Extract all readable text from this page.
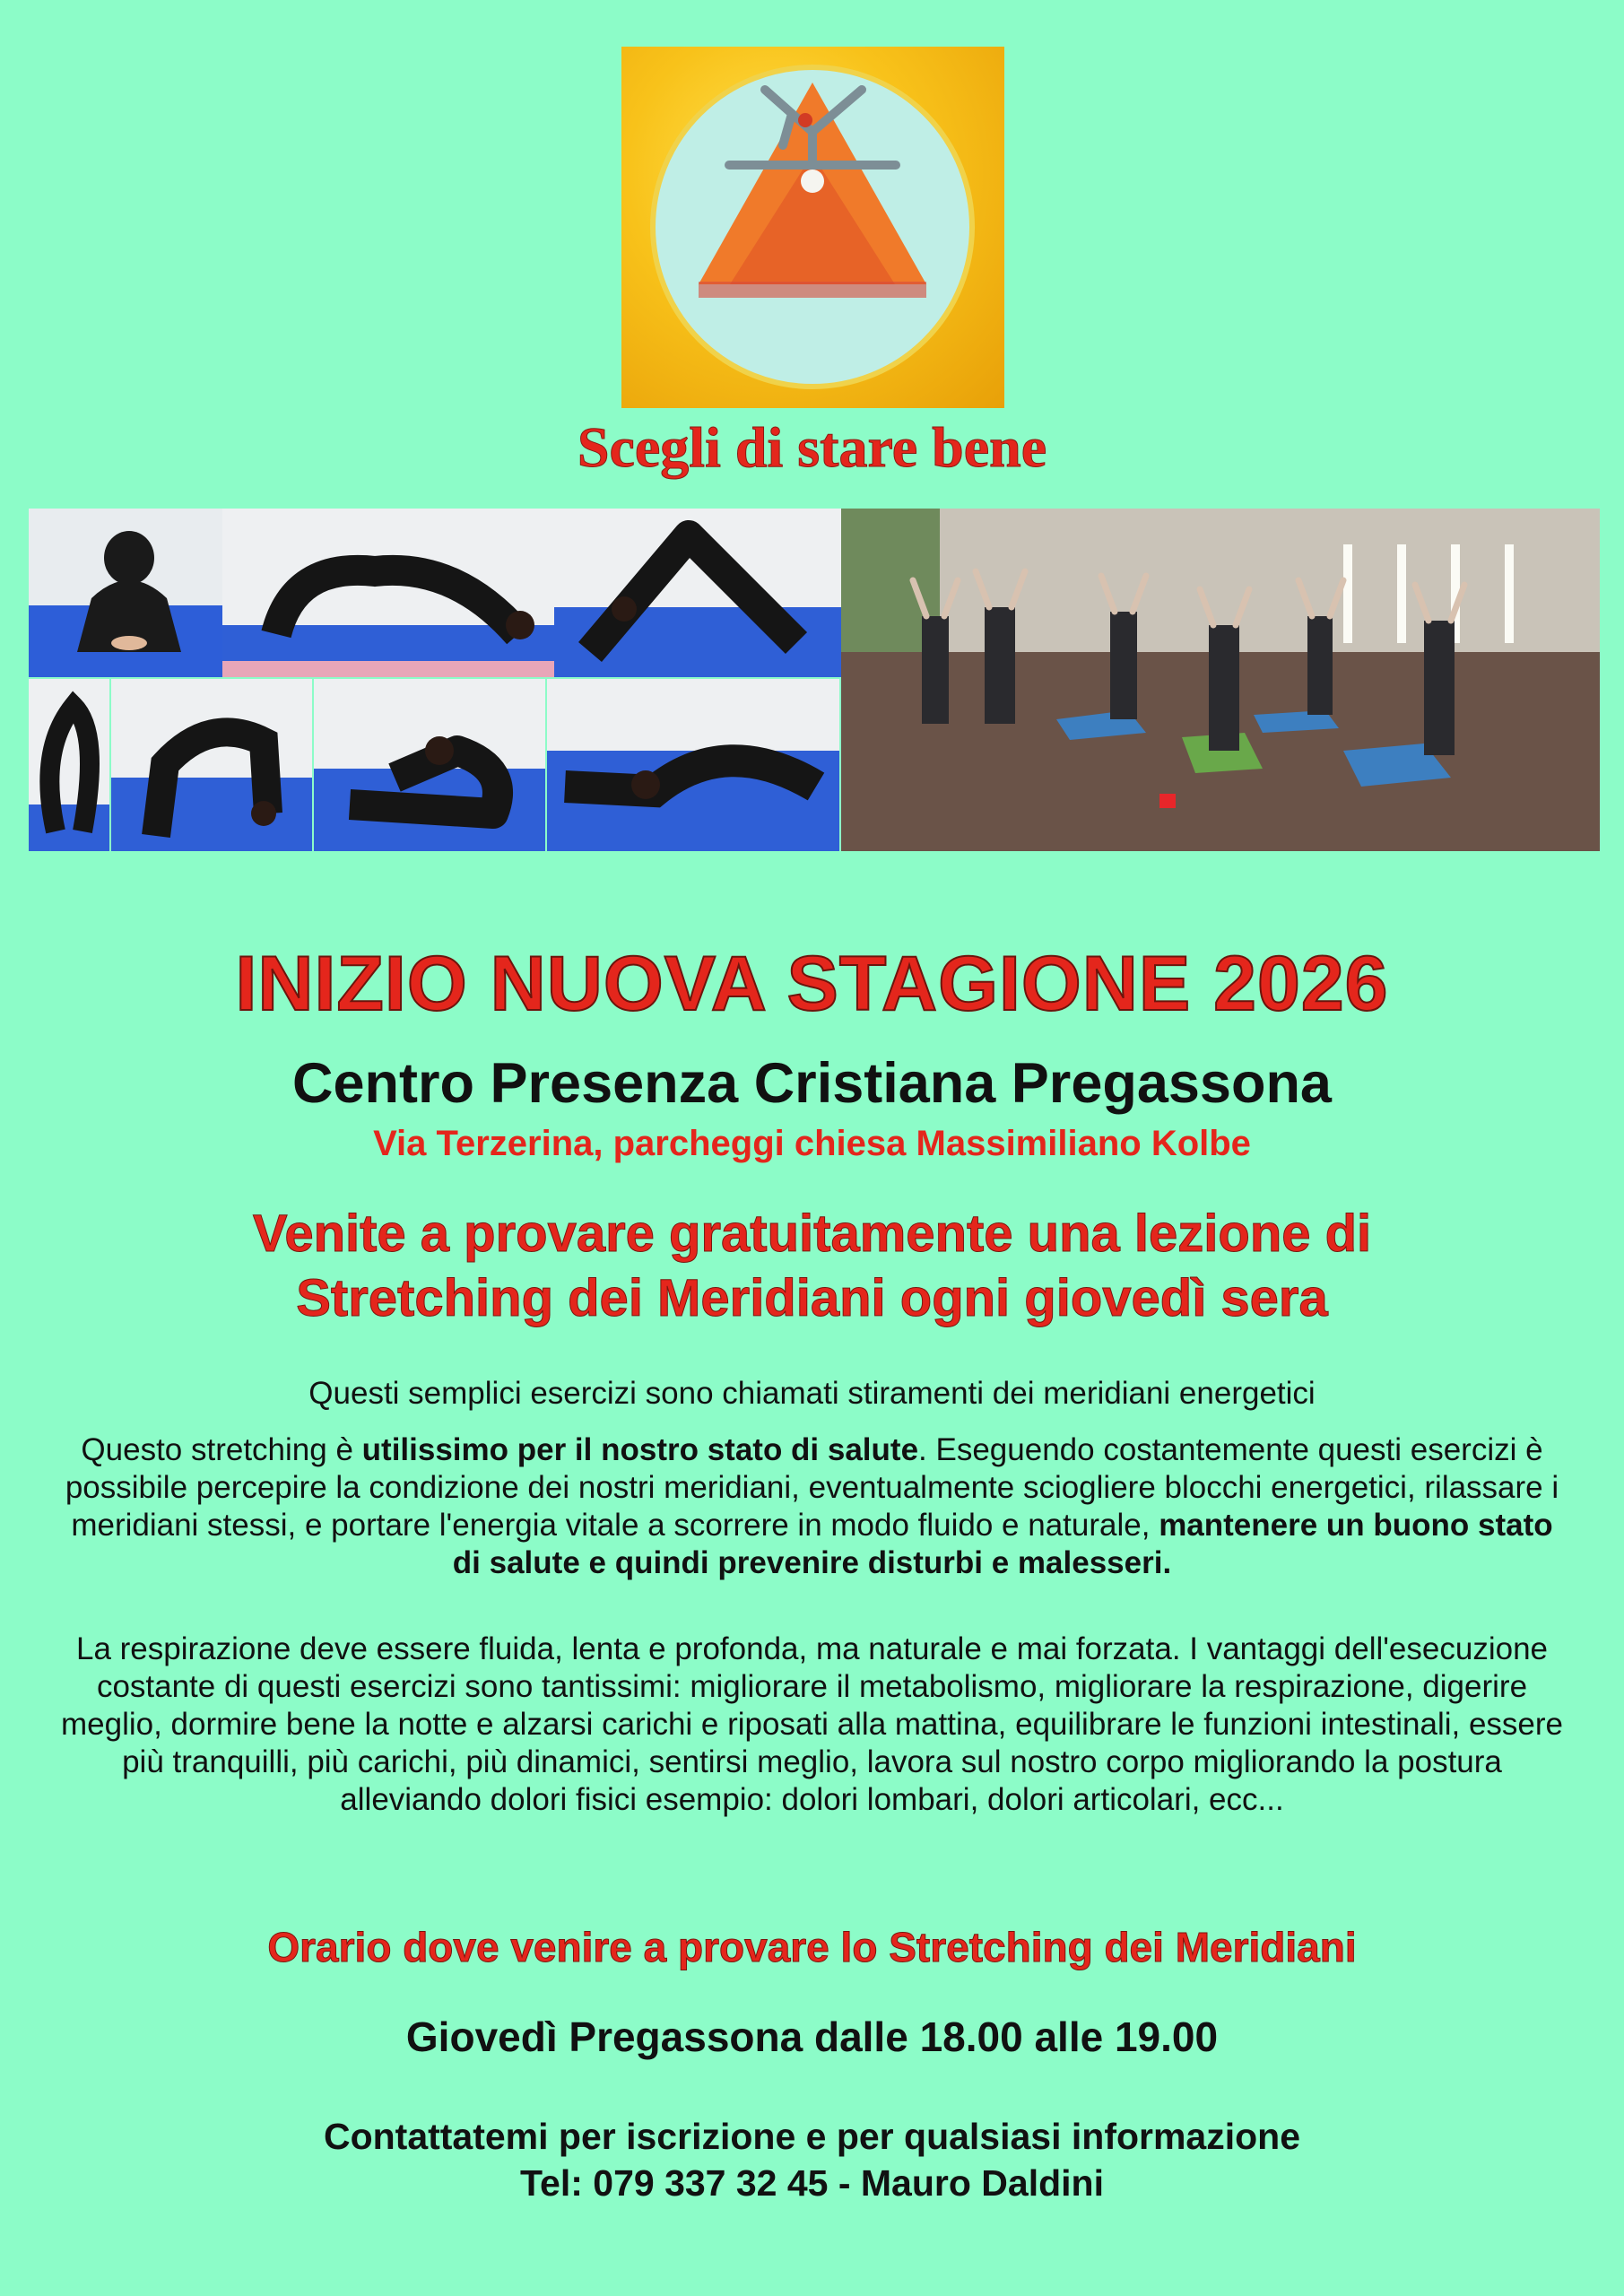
Scegli di stare bene
INIZIO NUOVA STAGIONE 2026
Centro Presenza Cristiana Pregassona
Via Terzerina, parcheggi chiesa Massimiliano Kolbe
Venite a provare gratuitamente una lezione di
Stretching dei Meridiani ogni giovedì sera
Questi semplici esercizi sono chiamati stiramenti dei meridiani energetici
Questo stretching è utilissimo per il nostro stato di salute. Eseguendo costantemente questi esercizi è possibile percepire la condizione dei nostri meridiani, eventualmente sciogliere blocchi energetici, rilassare i meridiani stessi, e portare l'energia vitale a scorrere in modo fluido e naturale, mantenere un buono stato di salute e quindi prevenire disturbi e malesseri.
La respirazione deve essere fluida, lenta e profonda, ma naturale e mai forzata. I vantaggi dell'esecuzione costante di questi esercizi sono tantissimi: migliorare il metabolismo, migliorare la respirazione, digerire meglio, dormire bene la notte e alzarsi carichi e riposati alla mattina, equilibrare le funzioni intestinali, essere più tranquilli, più carichi, più dinamici, sentirsi meglio, lavora sul nostro corpo migliorando la postura alleviando dolori fisici esempio: dolori lombari, dolori articolari, ecc...
Orario dove venire a provare lo Stretching dei Meridiani
Giovedì Pregassona dalle 18.00 alle 19.00
Contattatemi per iscrizione e per qualsiasi informazione
Tel: 079 337 32 45 - Mauro Daldini
